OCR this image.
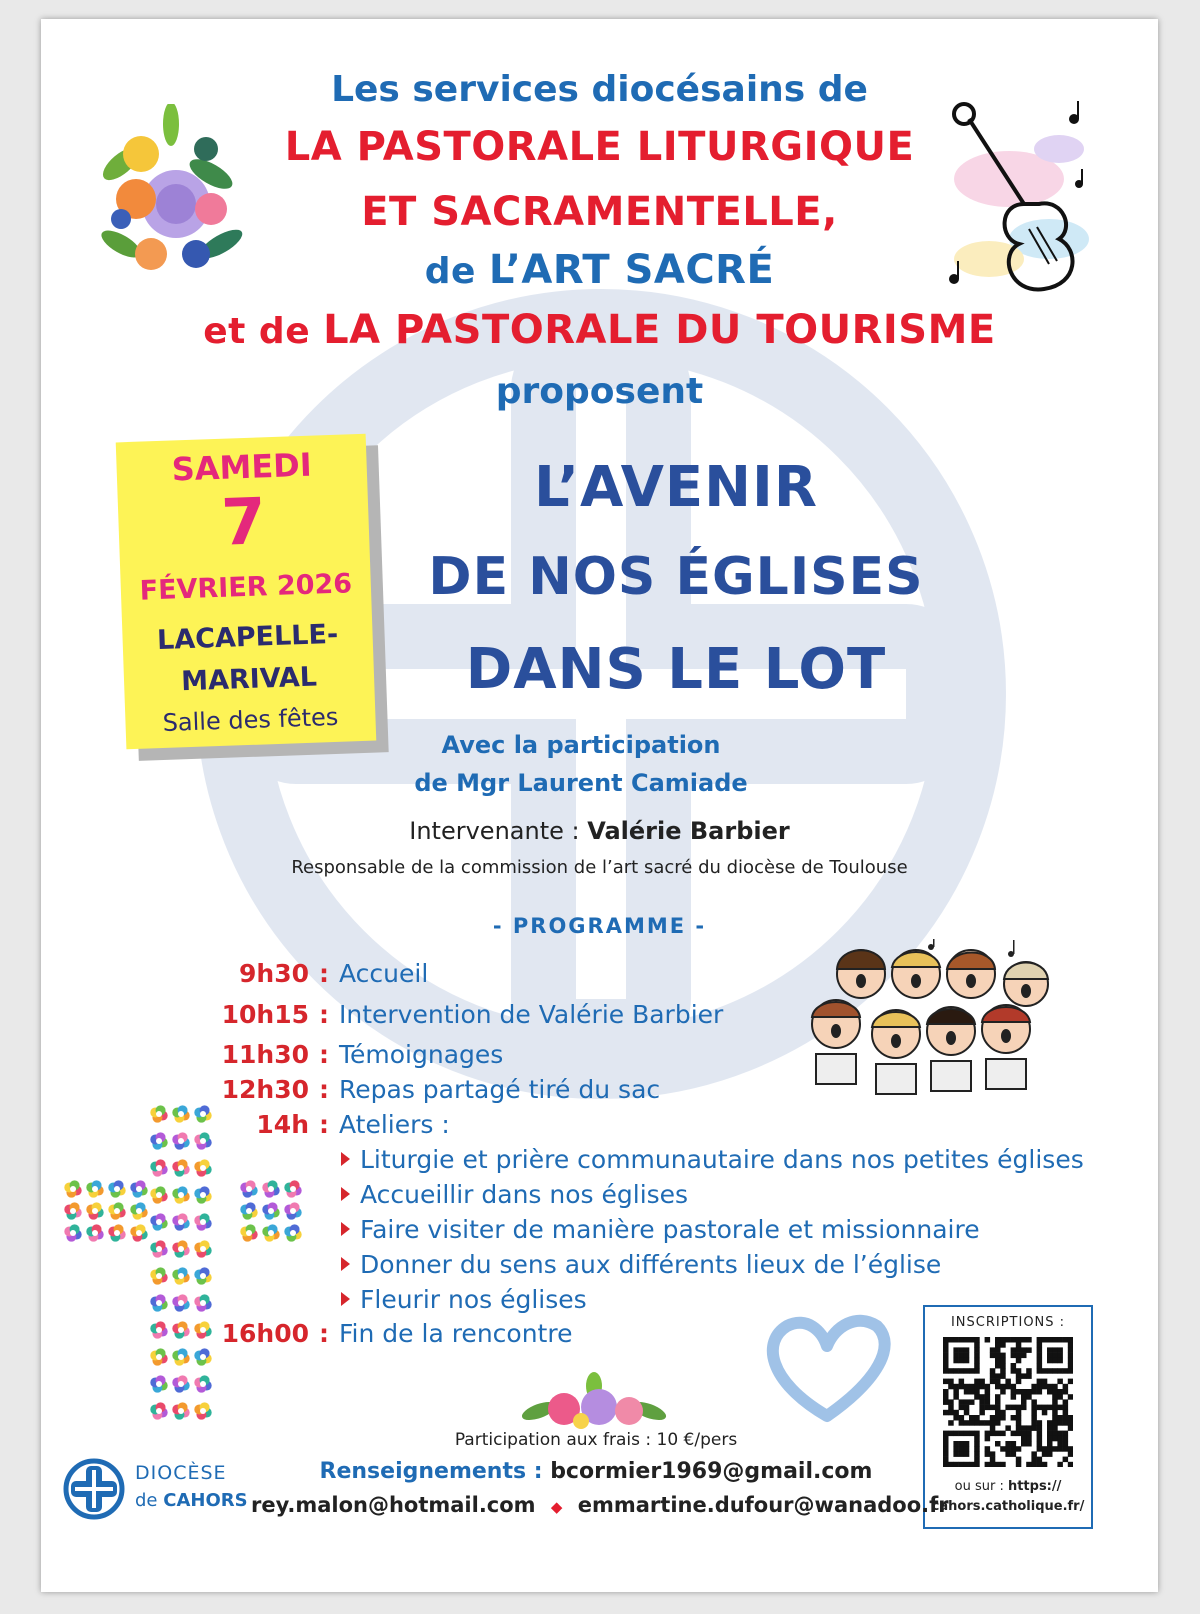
Les services diocésains de
LA PASTORALE LITURGIQUE
ET SACRAMENTELLE,
de L’ART SACRÉ
et de LA PASTORALE DU TOURISME
proposent
SAMEDI
7
FÉVRIER 2026
LACAPELLE-
MARIVAL
Salle des fêtes
L’AVENIR
DE NOS ÉGLISES
DANS LE LOT
Avec la participation
de Mgr Laurent Camiade
Intervenante : Valérie Barbier
Responsable de la commission de l’art sacré du diocèse de Toulouse
- PROGRAMME -
9h30 : Accueil
10h15 : Intervention de Valérie Barbier
11h30 : Témoignages
12h30 : Repas partagé tiré du sac
14h : Ateliers :
Liturgie et prière communautaire dans nos petites églises
Accueillir dans nos églises
Faire visiter de manière pastorale et missionnaire
Donner du sens aux différents lieux de l’église
Fleurir nos églises
16h00 : Fin de la rencontre	INSCRIPTIONS :
ou sur : https://
cahors.catholique.fr/
DIOCÈSE
de CAHORS
Participation aux frais : 10 €/pers
Renseignements : bcormier1969@gmail.com
rey.malon@hotmail.com ◆ emmartine.dufour@wanadoo.fr
